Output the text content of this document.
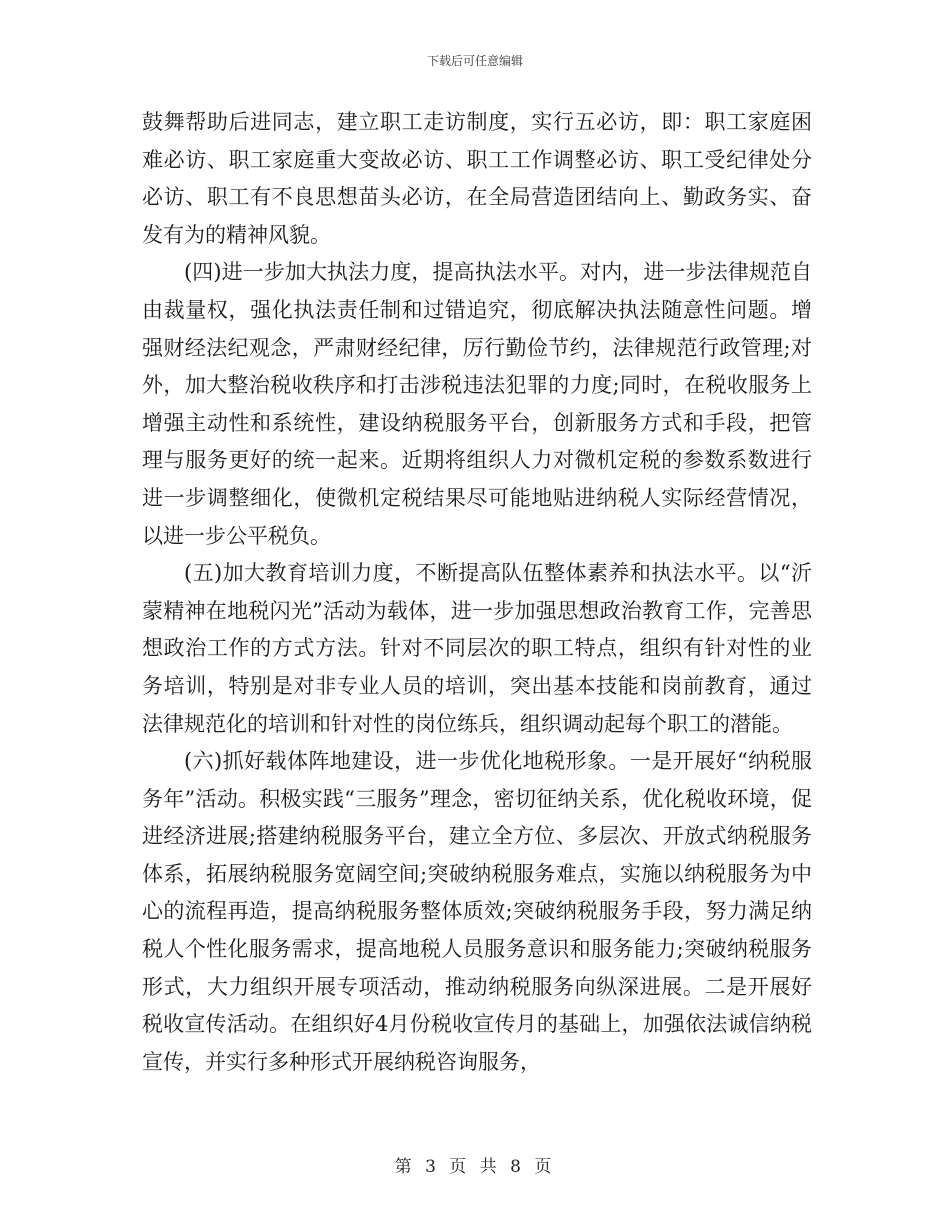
下载后可任意编辑

鼓舞帮助后进同志，建立职工走访制度，实行五必访，即：职工家庭困难必访、职工家庭重大变故必访、职工工作调整必访、职工受纪律处分必访、职工有不良思想苗头必访，在全局营造团结向上、勤政务实、奋发有为的精神风貌。

(四)进一步加大执法力度，提高执法水平。对内，进一步法律规范自由裁量权，强化执法责任制和过错追究，彻底解决执法随意性问题。增强财经法纪观念，严肃财经纪律，厉行勤俭节约，法律规范行政管理;对外，加大整治税收秩序和打击涉税违法犯罪的力度;同时，在税收服务上增强主动性和系统性，建设纳税服务平台，创新服务方式和手段，把管理与服务更好的统一起来。近期将组织人力对微机定税的参数系数进行进一步调整细化，使微机定税结果尽可能地贴进纳税人实际经营情况，以进一步公平税负。

(五)加大教育培训力度，不断提高队伍整体素养和执法水平。以“沂蒙精神在地税闪光”活动为载体，进一步加强思想政治教育工作，完善思想政治工作的方式方法。针对不同层次的职工特点，组织有针对性的业务培训，特别是对非专业人员的培训，突出基本技能和岗前教育，通过法律规范化的培训和针对性的岗位练兵，组织调动起每个职工的潜能。

(六)抓好载体阵地建设，进一步优化地税形象。一是开展好“纳税服务年”活动。积极实践“三服务”理念，密切征纳关系，优化税收环境，促进经济进展;搭建纳税服务平台，建立全方位、多层次、开放式纳税服务体系，拓展纳税服务宽阔空间;突破纳税服务难点，实施以纳税服务为中心的流程再造，提高纳税服务整体质效;突破纳税服务手段，努力满足纳税人个性化服务需求，提高地税人员服务意识和服务能力;突破纳税服务形式，大力组织开展专项活动，推动纳税服务向纵深进展。二是开展好税收宣传活动。在组织好4月份税收宣传月的基础上，加强依法诚信纳税宣传，并实行多种形式开展纳税咨询服务，

第 3 页 共 8 页
